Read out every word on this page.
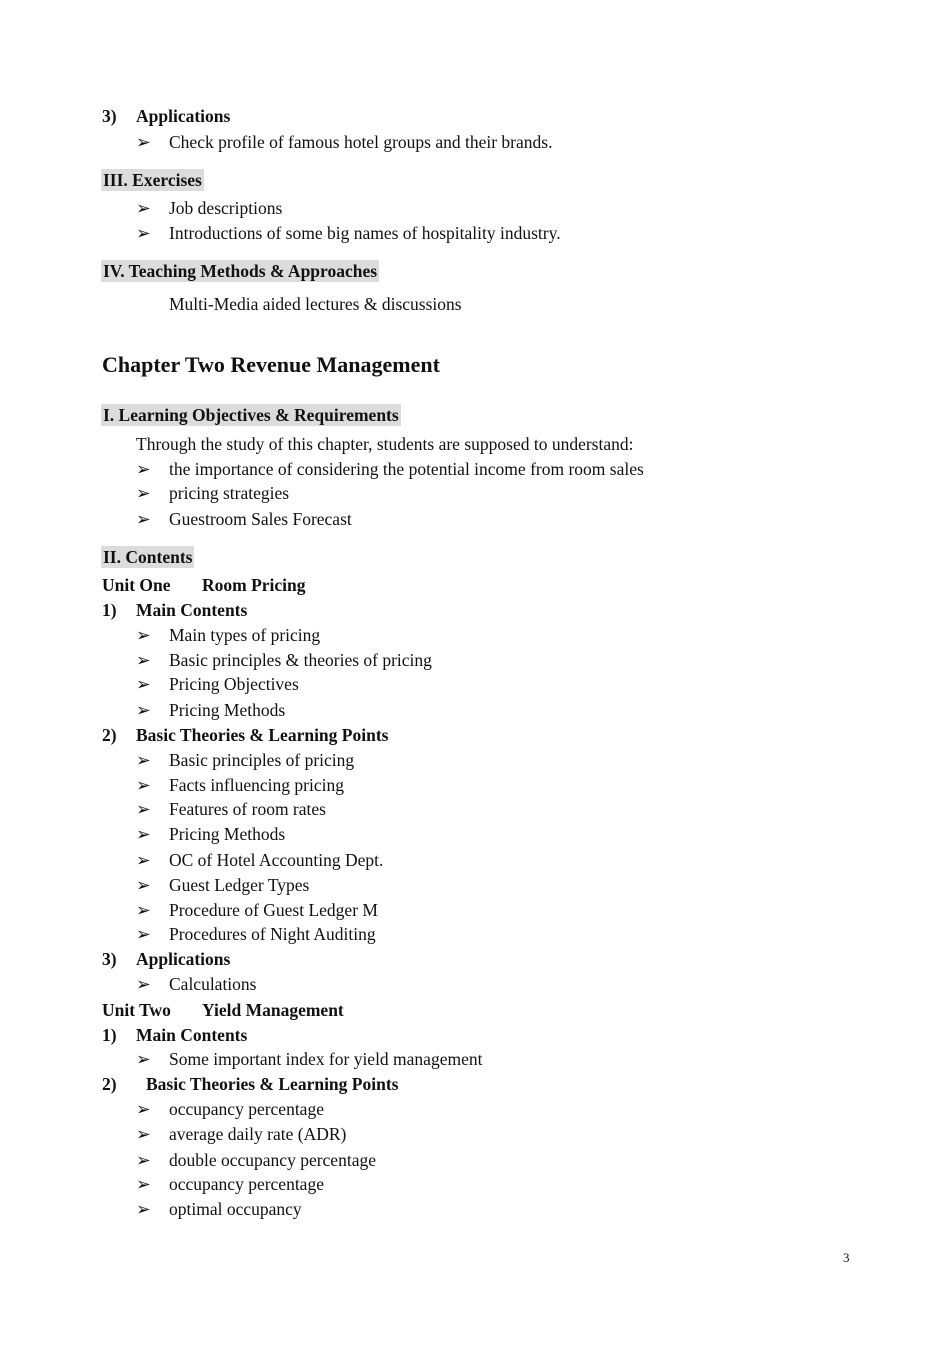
3) Applications
➢ Check profile of famous hotel groups and their brands.
III. Exercises
➢ Job descriptions
➢ Introductions of some big names of hospitality industry.
IV. Teaching Methods & Approaches
Multi-Media aided lectures & discussions
Chapter Two Revenue Management
I. Learning Objectives & Requirements
Through the study of this chapter, students are supposed to understand:
➢ the importance of considering the potential income from room sales
➢ pricing strategies
➢ Guestroom Sales Forecast
II. Contents
Unit One Room Pricing
1) Main Contents
➢ Main types of pricing
➢ Basic principles & theories of pricing
➢ Pricing Objectives
➢ Pricing Methods
2) Basic Theories & Learning Points
➢ Basic principles of pricing
➢ Facts influencing pricing
➢ Features of room rates
➢ Pricing Methods
➢ OC of Hotel Accounting Dept.
➢ Guest Ledger Types
➢ Procedure of Guest Ledger M
➢ Procedures of Night Auditing
3) Applications
➢ Calculations
Unit Two Yield Management
1) Main Contents
➢ Some important index for yield management
2) Basic Theories & Learning Points
➢ occupancy percentage
➢ average daily rate (ADR)
➢ double occupancy percentage
➢ occupancy percentage
➢ optimal occupancy
3
